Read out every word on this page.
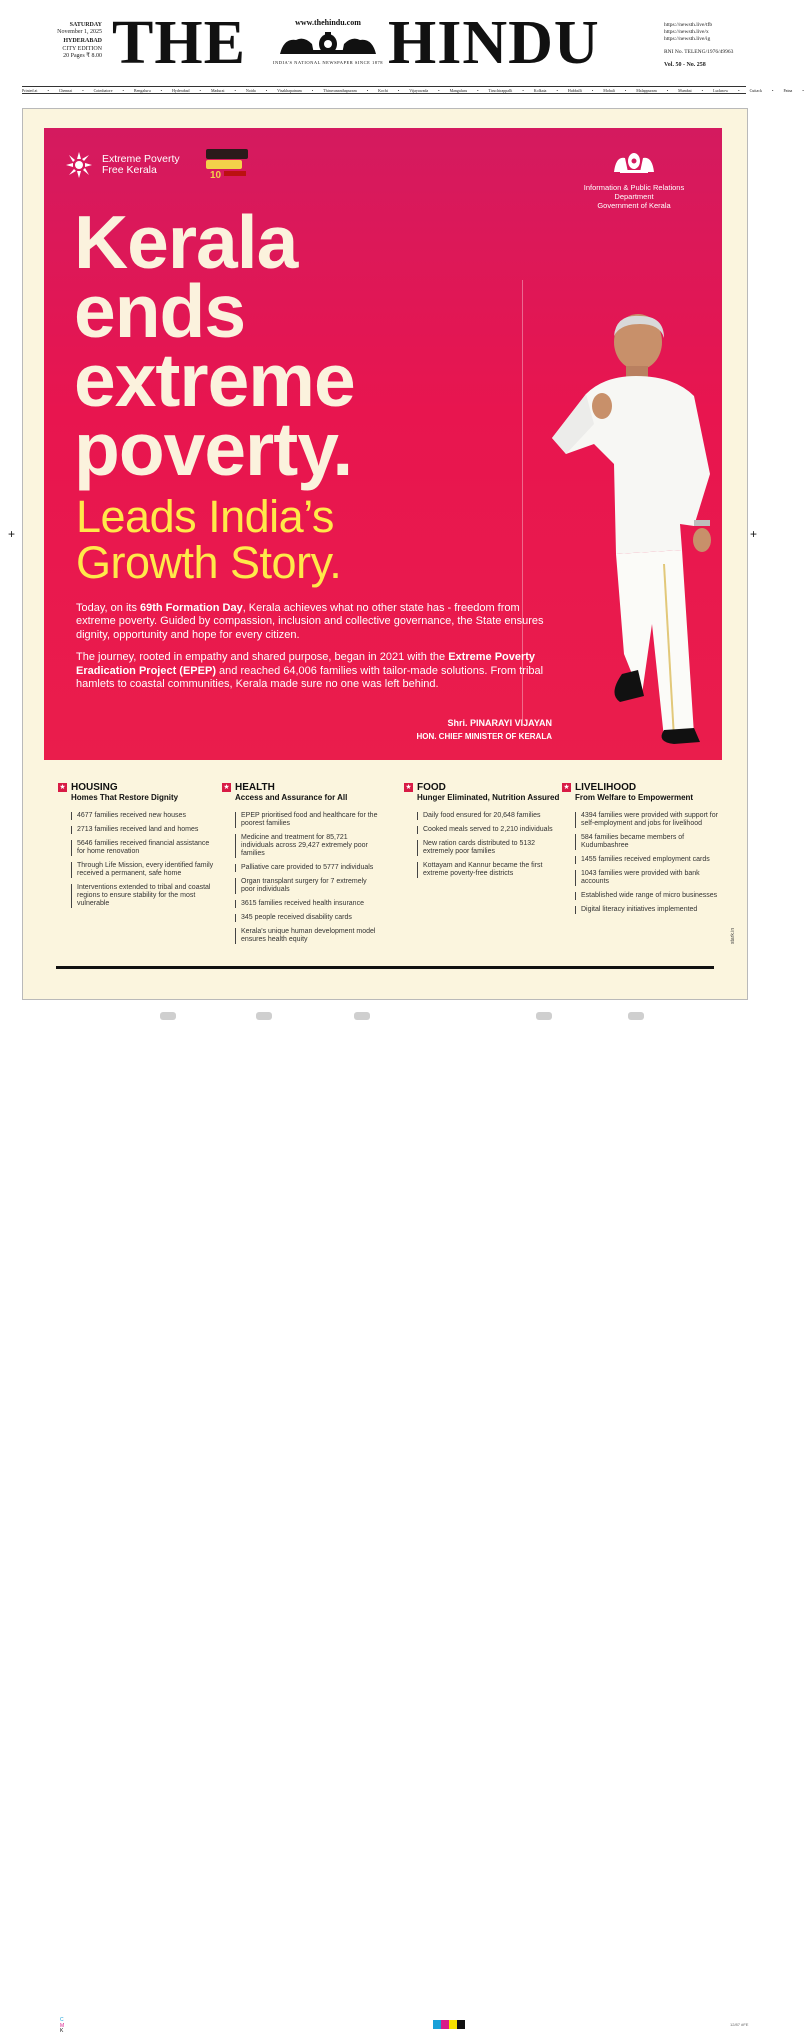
SATURDAY
November 1, 2025
HYDERABAD
CITY EDITION
20 Pages ₹ 8.00 THE	www.thehindu.com
INDIA'S NATIONAL NEWSPAPER SINCE 1878 HINDU	https://newsth.live/tfb
https://newsth.live/x
https://newsth.live/ig
RNI No. TELENG/1976/49963
Vol. 50 - No. 258
Printed at •	Chennai •	Coimbatore •	Bengaluru •	Hyderabad •	Madurai •	Noida •	Visakhapatnam •	Thiruvananthapuram •	Kochi •	Vijayawada •	Mangaluru •	Tiruchirappalli •	Kolkata •	Hubballi •	Mohali •	Malappuram •	Mumbai •	Lucknow •	Cuttack •	Patna •
+	+
Extreme Poverty
Free Kerala	10
Information & Public Relations
Department
Government of Kerala
Kerala
ends
extreme
poverty.
Leads India’s
Growth Story.

Today, on its 69th Formation Day, Kerala achieves what no other state has - freedom from extreme poverty. Guided by compassion, inclusion and collective governance, the State ensures dignity, opportunity and hope for every citizen.

The journey, rooted in empathy and shared purpose, began in 2021 with the Extreme Poverty Eradication Project (EPEP) and reached 64,006 families with tailor-made solutions. From tribal hamlets to coastal communities, Kerala made sure no one was left behind.

Shri. PINARAYI VIJAYAN
HON. CHIEF MINISTER OF KERALA
★ HOUSING
Homes That Restore Dignity
4677 families received new houses
2713 families received land and homes
5646 families received financial assistance for home renovation
Through Life Mission, every identified family received a permanent, safe home
Interventions extended to tribal and coastal regions to ensure stability for the most vulnerable
★ HEALTH
Access and Assurance for All
EPEP prioritised food and healthcare for the poorest families
Medicine and treatment for 85,721 individuals across 29,427 extremely poor families
Palliative care provided to 5777 individuals
Organ transplant surgery for 7 extremely poor individuals
3615 families received health insurance
345 people received disability cards
Kerala's unique human development model ensures health equity
★ FOOD
Hunger Eliminated, Nutrition Assured
Daily food ensured for 20,648 families
Cooked meals served to 2,210 individuals
New ration cards distributed to 5132 extremely poor families
Kottayam and Kannur became the first extreme poverty-free districts
★ LIVELIHOOD
From Welfare to Empowerment
4394 families were provided with support for self-employment and jobs for livelihood
584 families became members of Kudumbashree
1455 families received employment cards
1043 families were provided with bank accounts
Established wide range of micro businesses
Digital literacy initiatives implemented
stark.in
C
M
K
12/87 #FE
